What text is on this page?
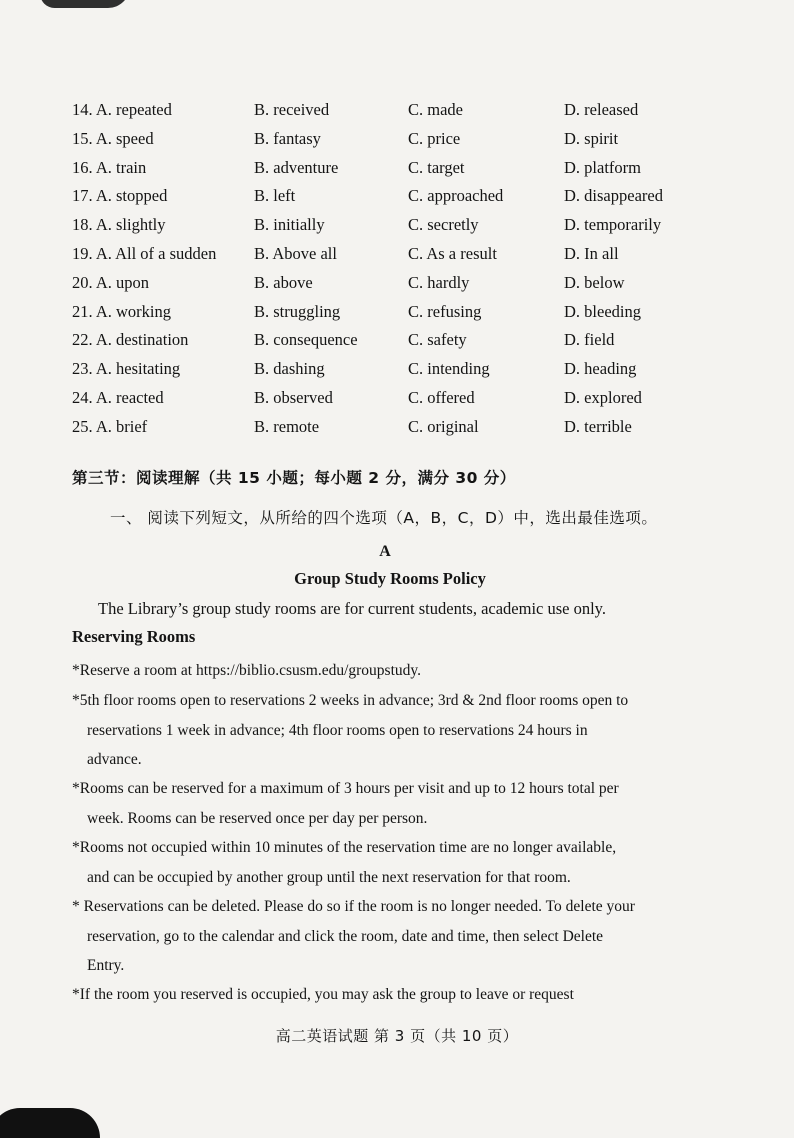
14. A. repeated	B. received	C. made	D. released
15. A. speed	B. fantasy	C. price	D. spirit
16. A. train	B. adventure	C. target	D. platform
17. A. stopped	B. left	C. approached	D. disappeared
18. A. slightly	B. initially	C. secretly	D. temporarily
19. A. All of a sudden B. Above all	C. As a result	D. In all
20. A. upon	B. above	C. hardly	D. below
21. A. working	B. struggling	C. refusing	D. bleeding
22. A. destination	B. consequence	C. safety	D. field
23. A. hesitating	B. dashing	C. intending	D. heading
24. A. reacted	B. observed	C. offered	D. explored
25. A. brief	B. remote	C. original	D. terrible
第三节：阅读理解（共 15 小题；每小题 2 分，满分 30 分）
一、 阅读下列短文，从所给的四个选项（A，B，C，D）中，选出最佳选项。
A
Group Study Rooms Policy
The Library’s group study rooms are for current students, academic use only.
Reserving Rooms
*Reserve a room at https://biblio.csusm.edu/groupstudy.
*5th floor rooms open to reservations 2 weeks in advance; 3rd & 2nd floor rooms open to
reservations 1 week in advance; 4th floor rooms open to reservations 24 hours in
advance.
*Rooms can be reserved for a maximum of 3 hours per visit and up to 12 hours total per
week. Rooms can be reserved once per day per person.
*Rooms not occupied within 10 minutes of the reservation time are no longer available,
and can be occupied by another group until the next reservation for that room.
* Reservations can be deleted. Please do so if the room is no longer needed. To delete your
reservation, go to the calendar and click the room, date and time, then select Delete
Entry.
*If the room you reserved is occupied, you may ask the group to leave or request
高二英语试题 第 3 页（共 10 页）
